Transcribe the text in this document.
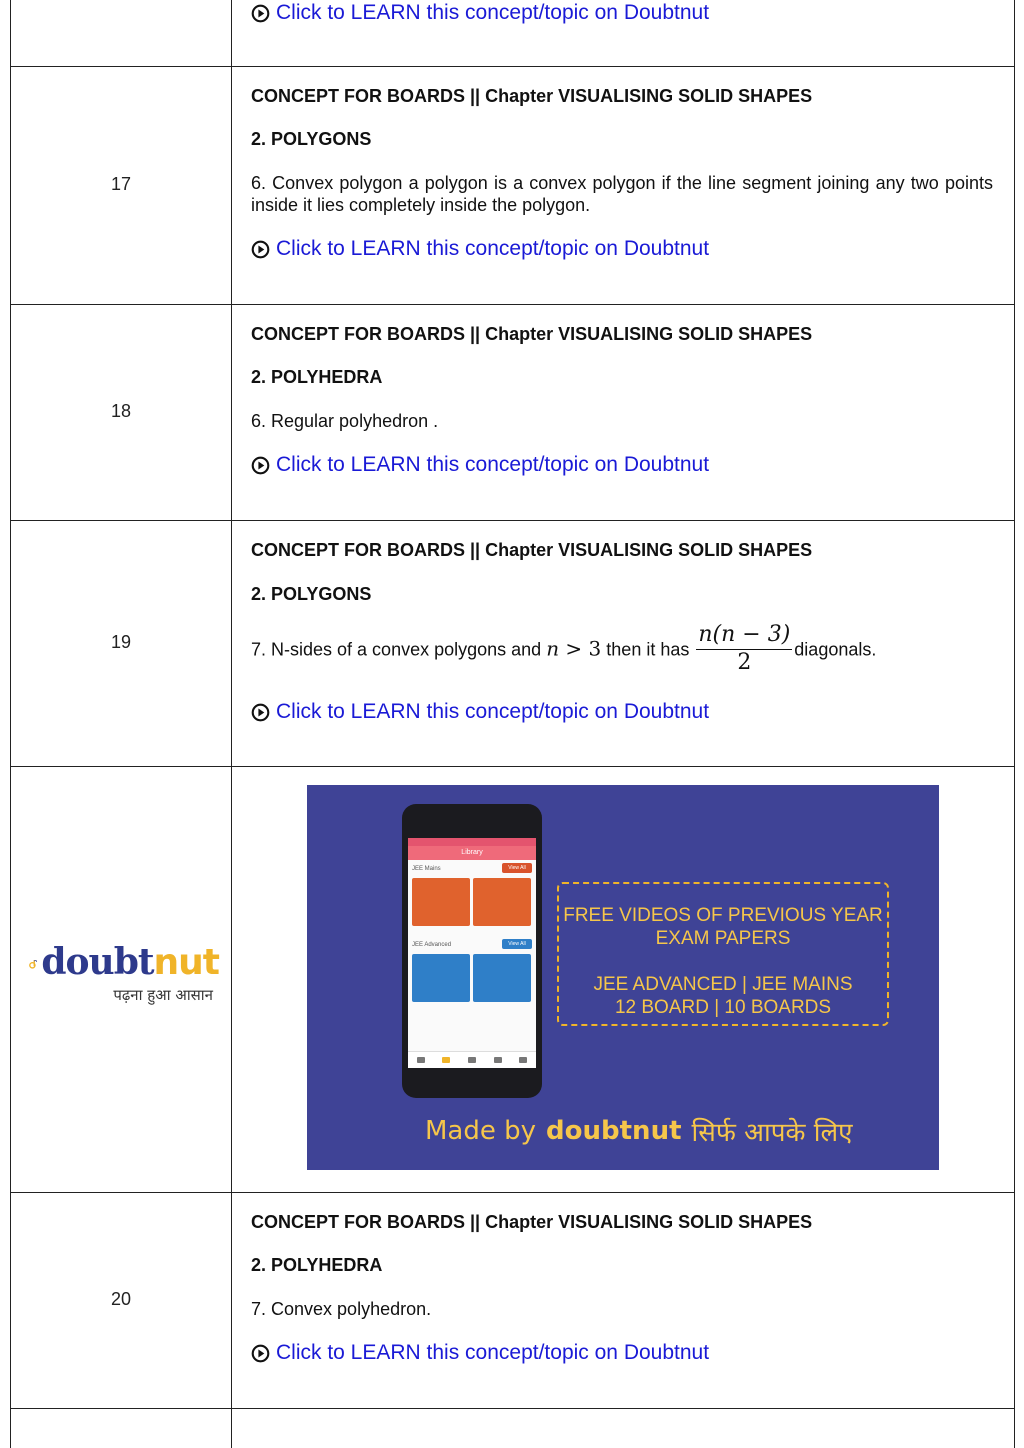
Click to LEARN this concept/topic on Doubtnut
17
CONCEPT FOR BOARDS || Chapter VISUALISING SOLID SHAPES
2. POLYGONS
6. Convex polygon a polygon is a convex polygon if the line segment joining any two points inside it lies completely inside the polygon.
Click to LEARN this concept/topic on Doubtnut
18
CONCEPT FOR BOARDS || Chapter VISUALISING SOLID SHAPES
2. POLYHEDRA
6. Regular polyhedron .
Click to LEARN this concept/topic on Doubtnut
19
CONCEPT FOR BOARDS || Chapter VISUALISING SOLID SHAPES
2. POLYGONS
7. N-sides of a convex polygons and n > 3 then it has $\frac{n(n - 3)}{2}$ diagonals.
Click to LEARN this concept/topic on Doubtnut
doubtnut
पढ़ना हुआ आसान
Library
JEE Mains	View All
JEE Advanced	View All
FREE VIDEOS OF PREVIOUS YEAR
EXAM PAPERS
JEE ADVANCED | JEE MAINS
12 BOARD | 10 BOARDS
Made by doubtnut सिर्फ आपके लिए
20
CONCEPT FOR BOARDS || Chapter VISUALISING SOLID SHAPES
2. POLYHEDRA
7. Convex polyhedron.
Click to LEARN this concept/topic on Doubtnut
